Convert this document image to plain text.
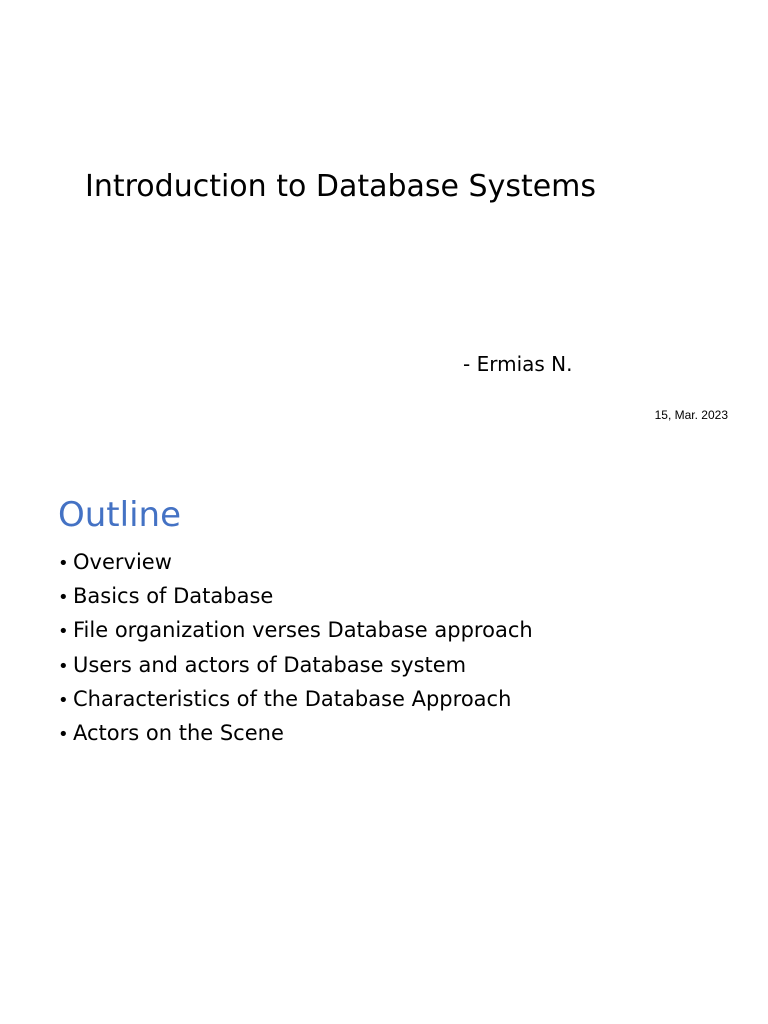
Introduction to Database Systems
- Ermias N.
15, Mar. 2023
Outline
• Overview
• Basics of Database
• File organization verses Database approach
• Users and actors of Database system
• Characteristics of the Database Approach
• Actors on the Scene
